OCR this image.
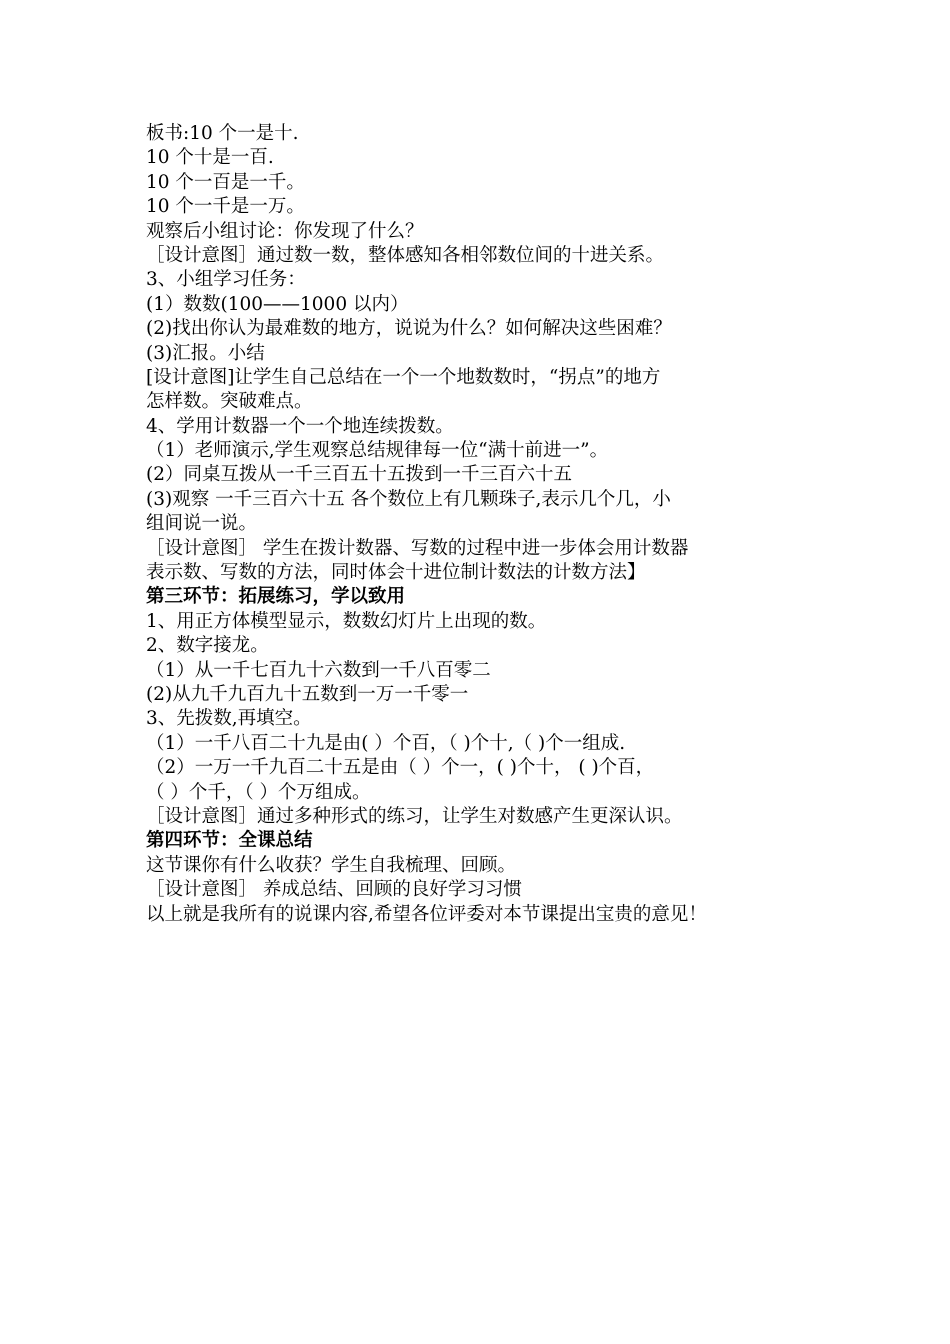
板书:10 个一是十.
10 个十是一百.
10 个一百是一千。
10 个一千是一万。
观察后小组讨论：你发现了什么？
［设计意图］通过数一数，整体感知各相邻数位间的十进关系。
3、小组学习任务：
(1）数数(100——1000 以内）
(2)找出你认为最难数的地方，说说为什么？如何解决这些困难？
(3)汇报。小结
[设计意图]让学生自己总结在一个一个地数数时，“拐点”的地方
怎样数。突破难点。
4、学用计数器一个一个地连续拨数。
（1）老师演示,学生观察总结规律每一位“满十前进一”。
(2）同桌互拨从一千三百五十五拨到一千三百六十五
(3)观察 一千三百六十五 各个数位上有几颗珠子,表示几个几，小
组间说一说。
［设计意图］ 学生在拨计数器、写数的过程中进一步体会用计数器
表示数、写数的方法，同时体会十进位制计数法的计数方法】
第三环节：拓展练习，学以致用
1、用正方体模型显示，数数幻灯片上出现的数。
2、数字接龙。
（1）从一千七百九十六数到一千八百零二
(2)从九千九百九十五数到一万一千零一
3、先拨数,再填空。
（1）一千八百二十九是由( ）个百，（ )个十,（ )个一组成.
（2）一万一千九百二十五是由（ ）个一，( )个十， ( )个百，
（ ）个千，（ ）个万组成。
［设计意图］通过多种形式的练习，让学生对数感产生更深认识。
第四环节：全课总结
这节课你有什么收获？学生自我梳理、回顾。
［设计意图］ 养成总结、回顾的良好学习习惯
以上就是我所有的说课内容,希望各位评委对本节课提出宝贵的意见！
